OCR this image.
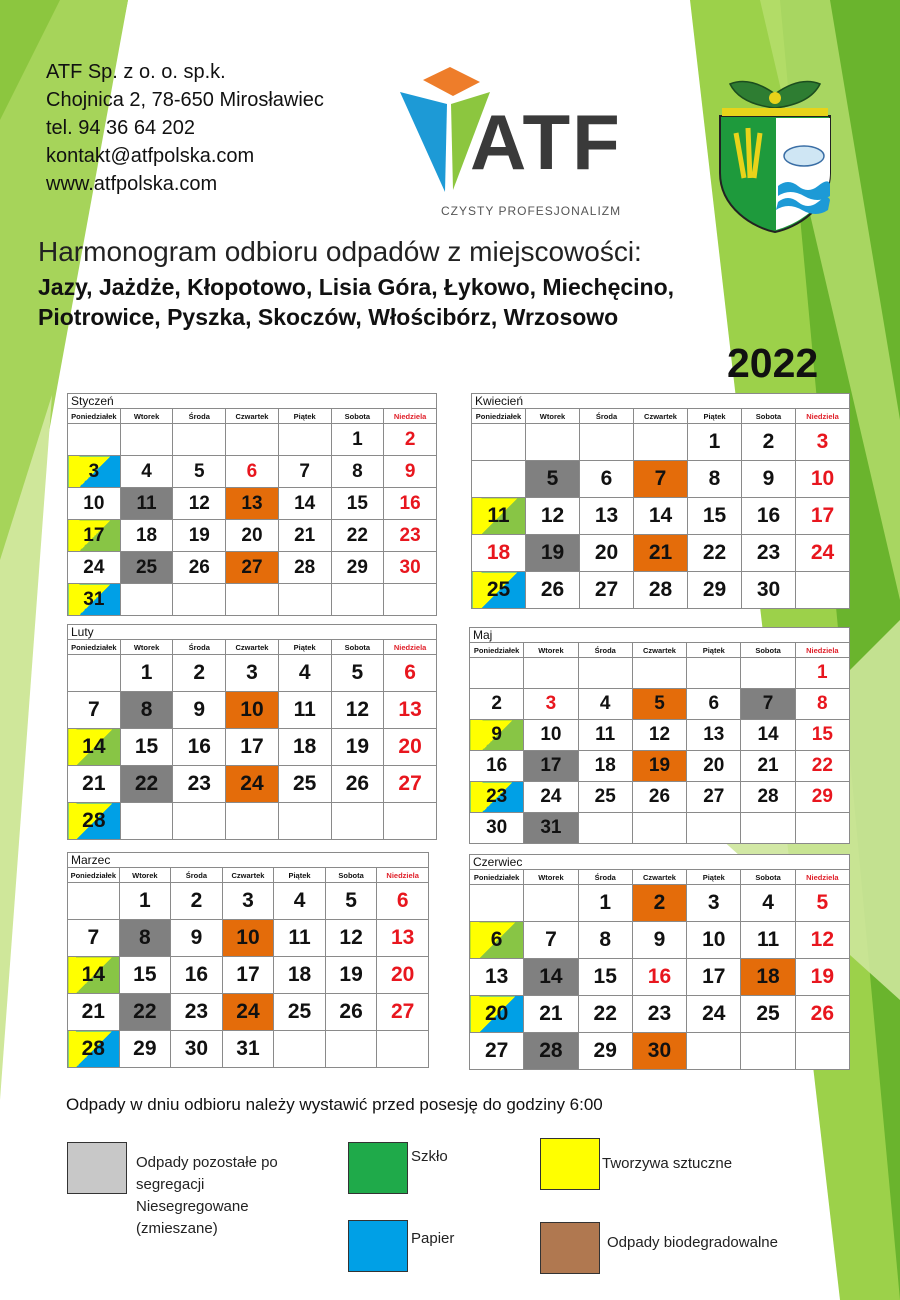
ATF Sp. z o. o. sp.k.
Chojnica 2, 78-650 Mirosławiec
tel. 94 36 64 202
kontakt@atfpolska.com
www.atfpolska.com	ATF
CZYSTY PROFESJONALIZM
Harmonogram odbioru odpadów z miejscowości:
Jazy, Jażdże, Kłopotowo, Lisia Góra, Łykowo, Miechęcino,
Piotrowice, Pyszka, Skoczów, Włościbórz, Wrzosowo
2022
Styczeń						
Poniedziałek	Wtorek	Środa	Czwartek	Piątek	Sobota	Niedziela
					1	2
3	4	5	6	7	8	9
10	11	12	13	14	15	16
17	18	19	20	21	22	23
24	25	26	27	28	29	30
31						
Luty						
Poniedziałek	Wtorek	Środa	Czwartek	Piątek	Sobota	Niedziela
	1	2	3	4	5	6
7	8	9	10	11	12	13
14	15	16	17	18	19	20
21	22	23	24	25	26	27
28						
Marzec						
Poniedziałek	Wtorek	Środa	Czwartek	Piątek	Sobota	Niedziela
	1	2	3	4	5	6
7	8	9	10	11	12	13
14	15	16	17	18	19	20
21	22	23	24	25	26	27
28	29	30	31			
Kwiecień						
Poniedziałek	Wtorek	Środa	Czwartek	Piątek	Sobota	Niedziela
				1	2	3
	5	6	7	8	9	10
11	12	13	14	15	16	17
18	19	20	21	22	23	24
25	26	27	28	29	30	
Maj						
Poniedziałek	Wtorek	Środa	Czwartek	Piątek	Sobota	Niedziela
						1
2	3	4	5	6	7	8
9	10	11	12	13	14	15
16	17	18	19	20	21	22
23	24	25	26	27	28	29
30	31					
Czerwiec						
Poniedziałek	Wtorek	Środa	Czwartek	Piątek	Sobota	Niedziela
		1	2	3	4	5
6	7	8	9	10	11	12
13	14	15	16	17	18	19
20	21	22	23	24	25	26
27	28	29	30			
Odpady w dniu odbioru należy wystawić przed posesję do godziny 6:00
Odpady pozostałe po
segregacji
Niesegregowane
(zmieszane)
Szkło	Tworzywa sztuczne
Papier	Odpady biodegradowalne
